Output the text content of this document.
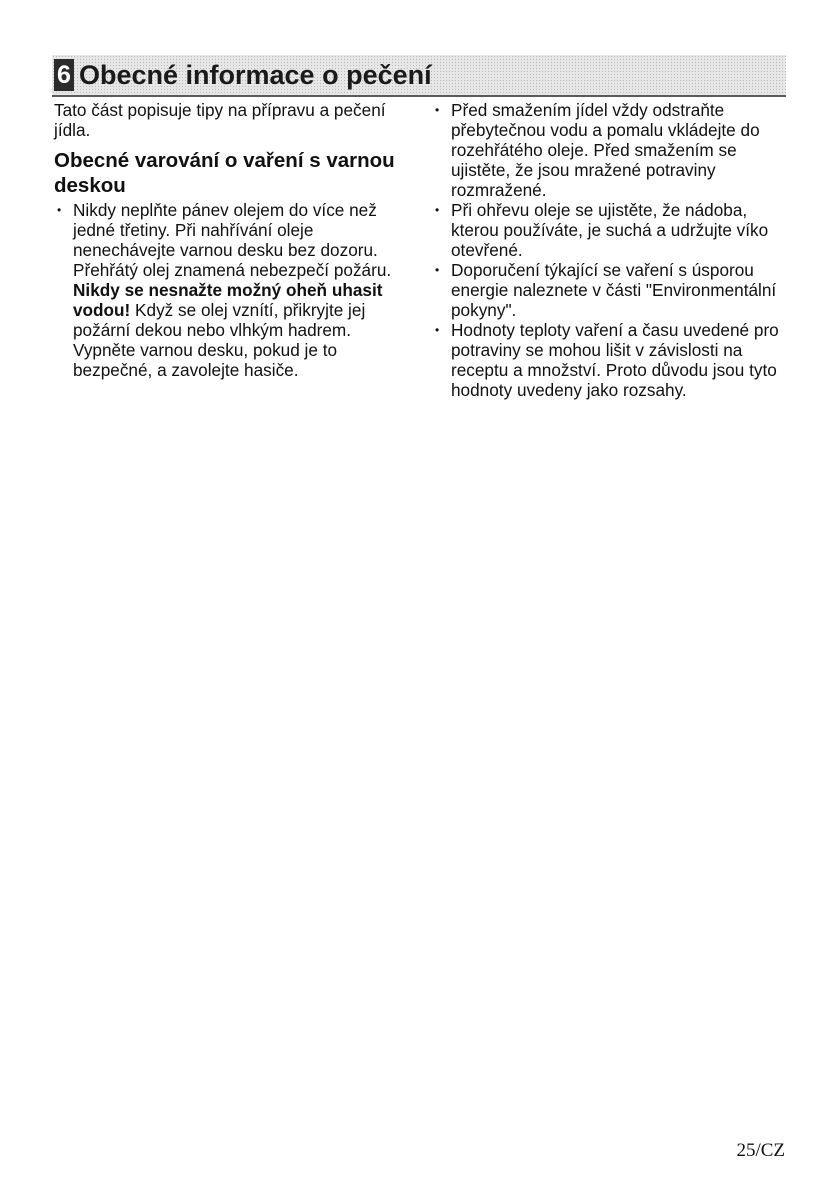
6 Obecné informace o pečení

Tato část popisuje tipy na přípravu a pečení jídla.

Obecné varování o vaření s varnou deskou
• Nikdy neplňte pánev olejem do více než jedné třetiny. Při nahřívání oleje nenechávejte varnou desku bez dozoru. Přehřátý olej znamená nebezpečí požáru. Nikdy se nesnažte možný oheň uhasit vodou! Když se olej vznítí, přikryjte jej požární dekou nebo vlhkým hadrem. Vypněte varnou desku, pokud je to bezpečné, a zavolejte hasiče.
• Před smažením jídel vždy odstraňte přebytečnou vodu a pomalu vkládejte do rozehřátého oleje. Před smažením se ujistěte, že jsou mražené potraviny rozmražené.
• Při ohřevu oleje se ujistěte, že nádoba, kterou používáte, je suchá a udržujte víko otevřené.
• Doporučení týkající se vaření s úsporou energie naleznete v části "Environmentální pokyny".
• Hodnoty teploty vaření a času uvedené pro potraviny se mohou lišit v závislosti na receptu a množství. Proto důvodu jsou tyto hodnoty uvedeny jako rozsahy.
25/CZ
